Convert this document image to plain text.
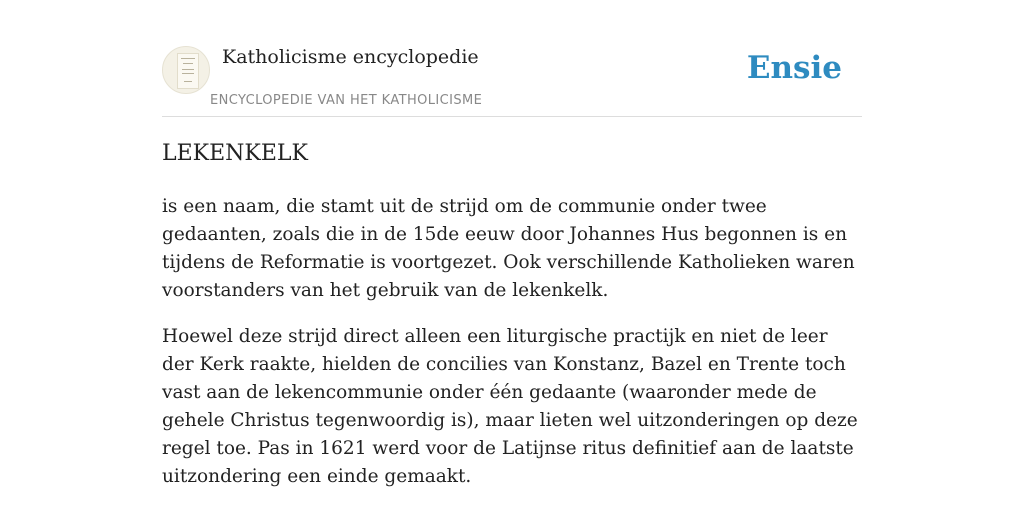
Katholicisme encyclopedie
ENCYCLOPEDIE VAN HET KATHOLICISME
Ensie
LEKENKELK

is een naam, die stamt uit de strijd om de communie onder twee gedaanten, zoals die in de 15de eeuw door Johannes Hus begonnen is en tijdens de Reformatie is voortgezet. Ook verschillende Katholieken waren voorstanders van het gebruik van de lekenkelk.

Hoewel deze strijd direct alleen een liturgische practijk en niet de leer der Kerk raakte, hielden de concilies van Konstanz, Bazel en Trente toch vast aan de lekencommunie onder één gedaante (waaronder mede de gehele Christus tegenwoordig is), maar lieten wel uitzonderingen op deze regel toe. Pas in 1621 werd voor de Latijnse ritus definitief aan de laatste uitzondering een einde gemaakt.
